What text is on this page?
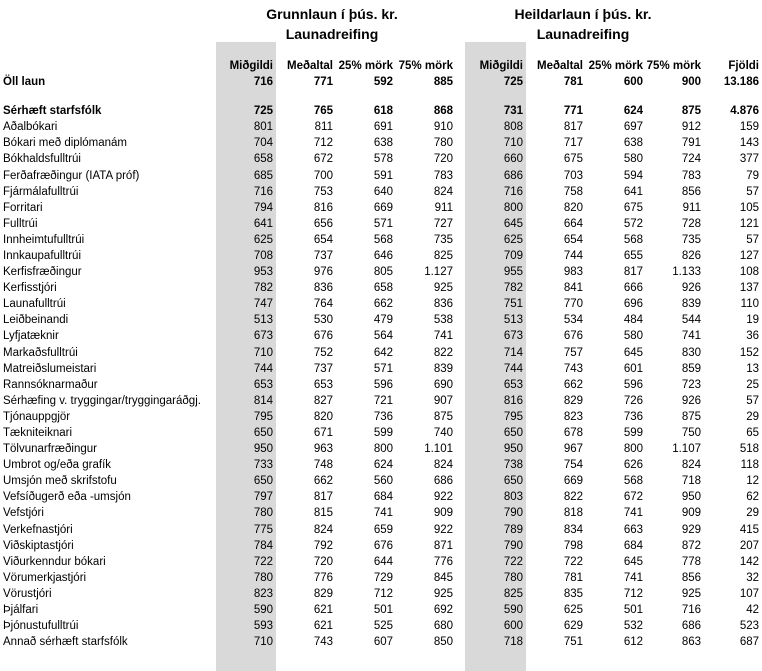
Grunnlaun í þús. kr.
Launadreifing
Heildarlaun í þús. kr.
Launadreifing
	Miðgildi	Meðaltal	25% mörk	75% mörk		Miðgildi	Meðaltal	25% mörk	75% mörk	Fjöldi
Öll laun	716	771	592	885		725	781	600	900	13.186

Sérhæft starfsfólk	725	765	618	868		731	771	624	875	4.876
Aðalbókari	801	811	691	910		808	817	697	912	159
Bókari með diplómanám	704	712	638	780		710	717	638	791	143
Bókhaldsfulltrúi	658	672	578	720		660	675	580	724	377
Ferðafræðingur (IATA próf)	685	700	591	783		686	703	594	783	79
Fjármálafulltrúi	716	753	640	824		716	758	641	856	57
Forritari	794	816	669	911		800	820	675	911	105
Fulltrúi	641	656	571	727		645	664	572	728	121
Innheimtufulltrúi	625	654	568	735		625	654	568	735	57
Innkaupafulltrúi	708	737	646	825		709	744	655	826	127
Kerfisfræðingur	953	976	805	1.127		955	983	817	1.133	108
Kerfisstjóri	782	836	658	925		782	841	666	926	137
Launafulltrúi	747	764	662	836		751	770	696	839	110
Leiðbeinandi	513	530	479	538		513	534	484	544	19
Lyfjatæknir	673	676	564	741		673	676	580	741	36
Markaðsfulltrúi	710	752	642	822		714	757	645	830	152
Matreiðslumeistari	744	737	571	839		744	743	601	859	13
Rannsóknarmaður	653	653	596	690		653	662	596	723	25
Sérhæfing v. tryggingar/tryggingaráðgj.	814	827	721	907		816	829	726	926	57
Tjónauppgjör	795	820	736	875		795	823	736	875	29
Tækniteiknari	650	671	599	740		650	678	599	750	65
Tölvunarfræðingur	950	963	800	1.101		950	967	800	1.107	518
Umbrot og/eða grafík	733	748	624	824		738	754	626	824	118
Umsjón með skrifstofu	650	662	560	686		650	669	568	718	12
Vefsíðugerð eða -umsjón	797	817	684	922		803	822	672	950	62
Vefstjóri	780	815	741	909		790	818	741	909	29
Verkefnastjóri	775	824	659	922		789	834	663	929	415
Viðskiptastjóri	784	792	676	871		790	798	684	872	207
Viðurkenndur bókari	722	720	644	776		722	722	645	778	142
Vörumerkjastjóri	780	776	729	845		780	781	741	856	32
Vörustjóri	823	829	712	925		825	835	712	925	107
Þjálfari	590	621	501	692		590	625	501	716	42
Þjónustufulltrúi	593	621	525	680		600	629	532	686	523
Annað sérhæft starfsfólk	710	743	607	850		718	751	612	863	687
